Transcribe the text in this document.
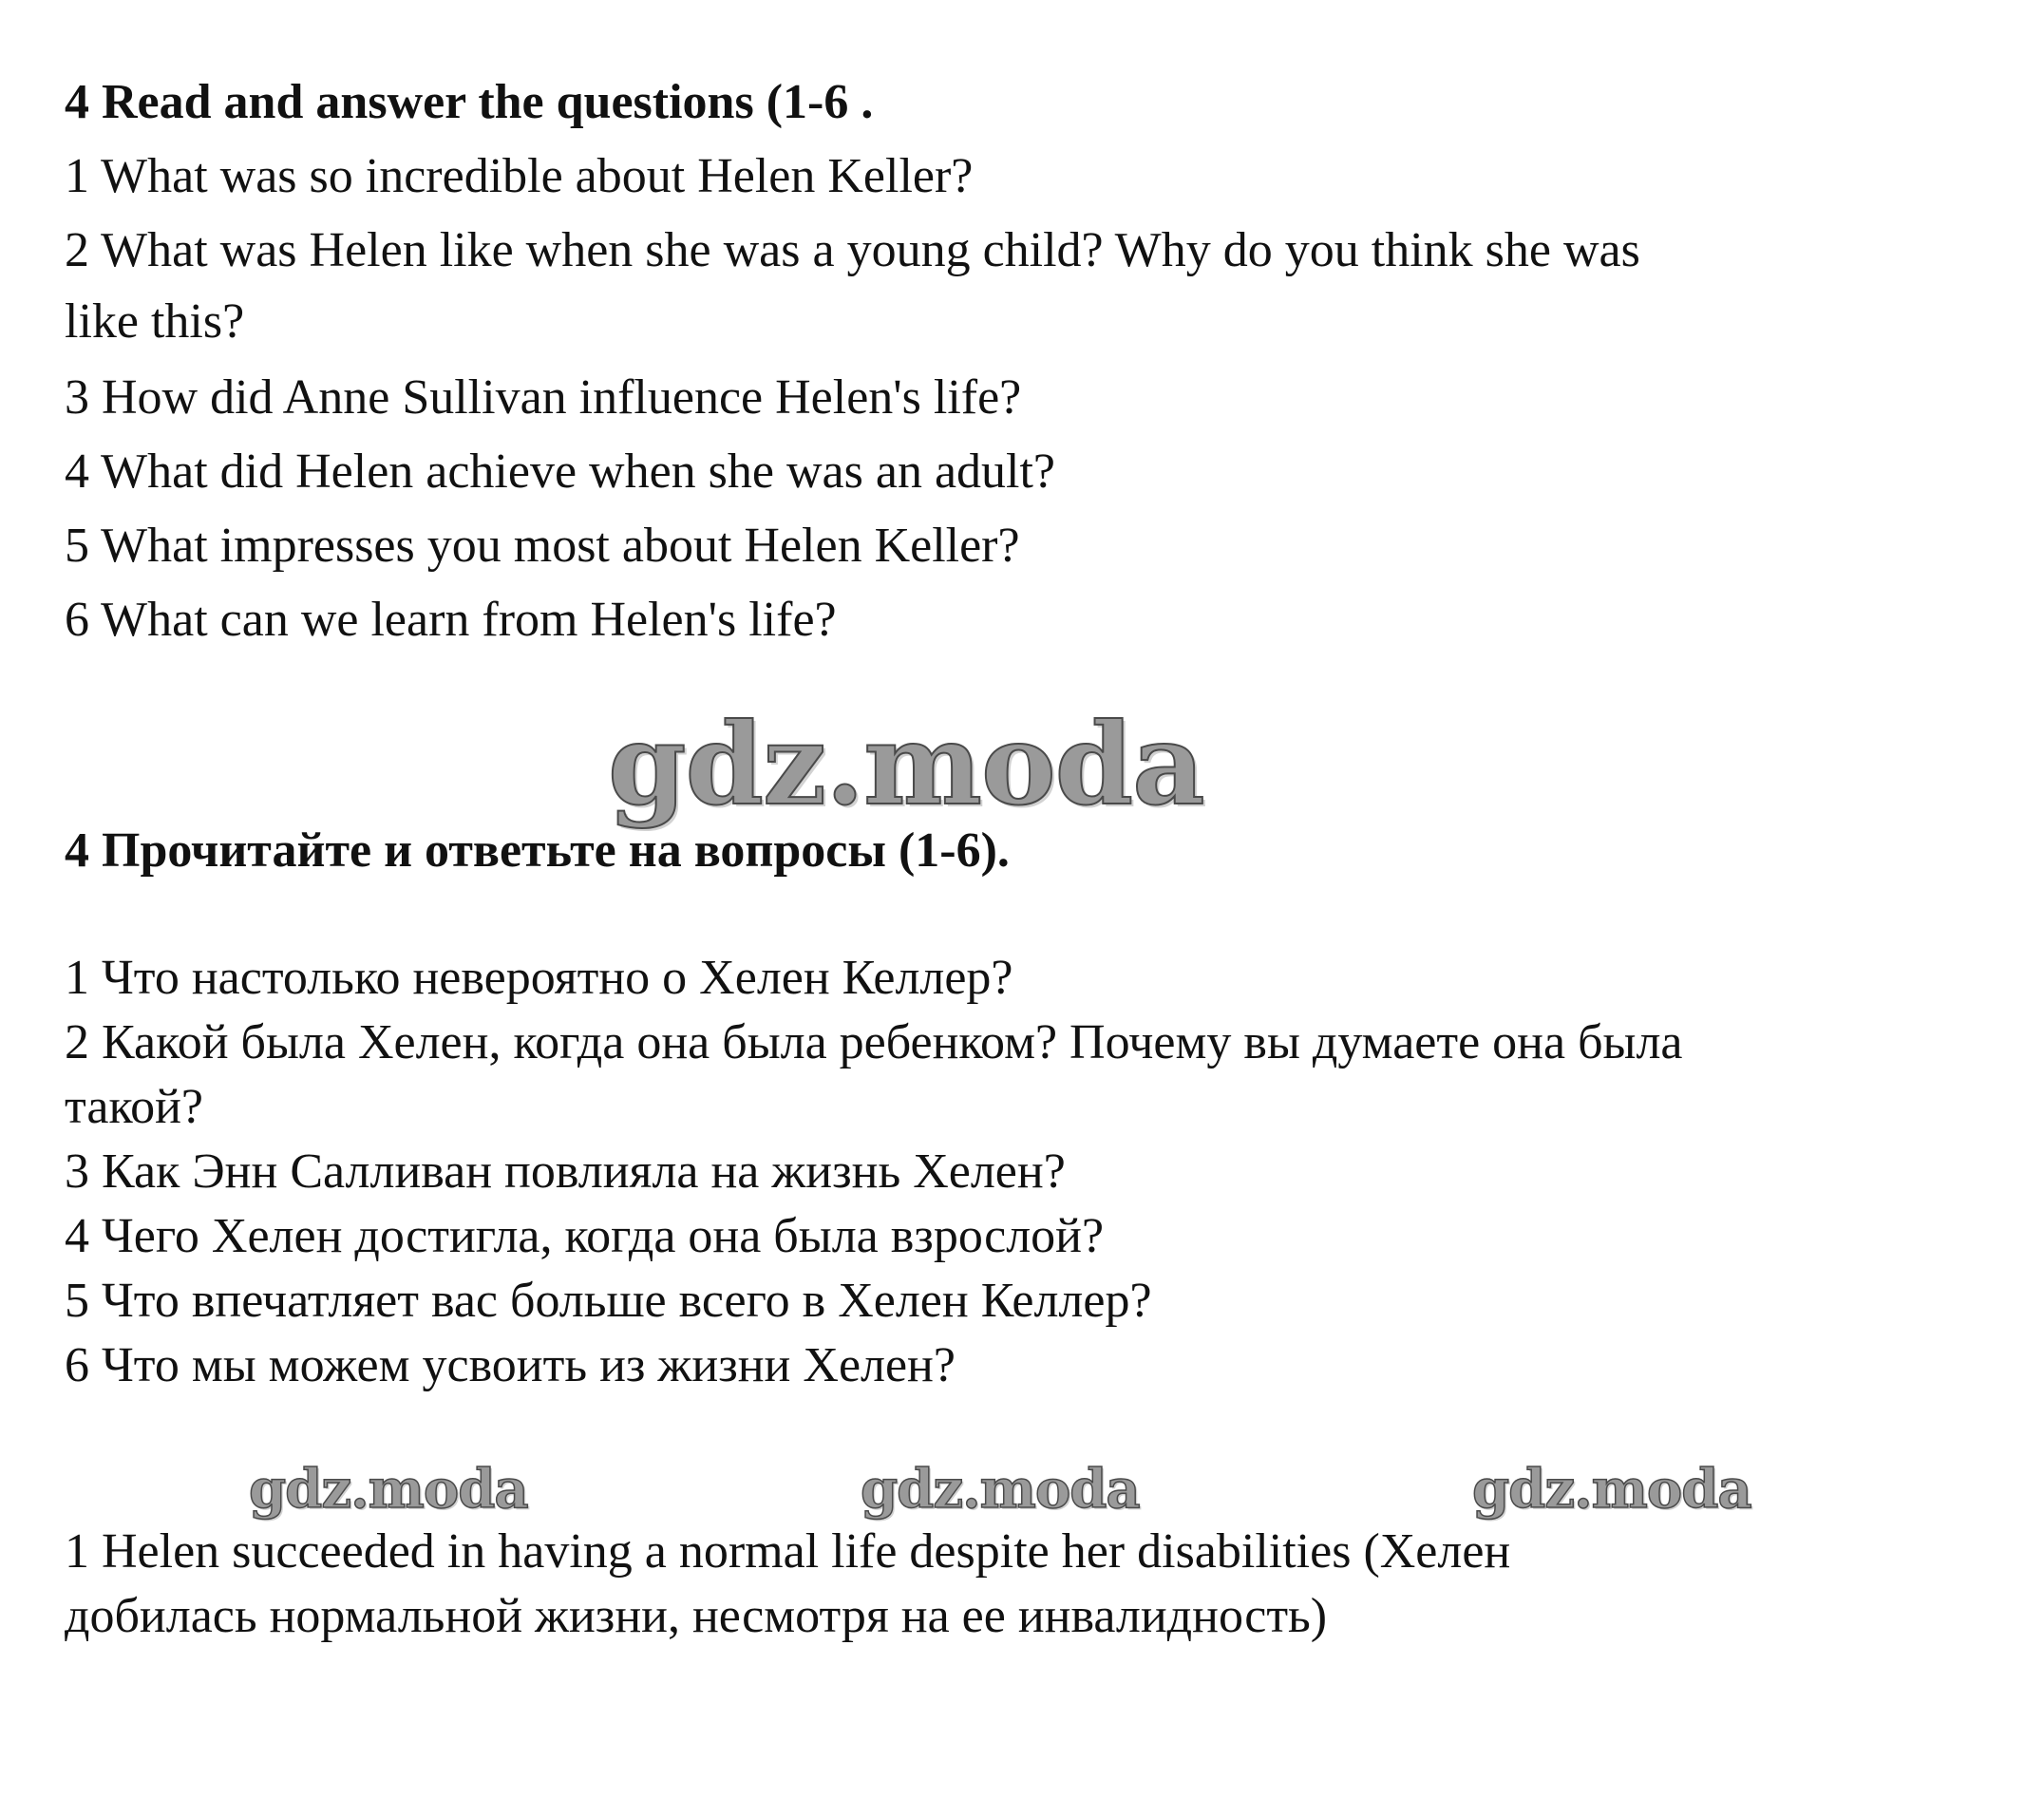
4 Read and answer the questions (1-6 .
1 What was so incredible about Helen Keller?
2 What was Helen like when she was a young child? Why do you think she was
like this?
3 How did Anne Sullivan influence Helen's life?
4 What did Helen achieve when she was an adult?
5 What impresses you most about Helen Keller?
6 What can we learn from Helen's life?
gdz.moda
4 Прочитайте и ответьте на вопросы (1-6).
1 Что настолько невероятно о Хелен Келлер?
2 Какой была Хелен, когда она была ребенком? Почему вы думаете она была
такой?
3 Как Энн Салливан повлияла на жизнь Хелен?
4 Чего Хелен достигла, когда она была взрослой?
5 Что впечатляет вас больше всего в Хелен Келлер?
6 Что мы можем усвоить из жизни Хелен?
gdz.moda	gdz.moda	gdz.moda
1 Helen succeeded in having a normal life despite her disabilities (Хелен
добилась нормальной жизни, несмотря на ее инвалидность)
